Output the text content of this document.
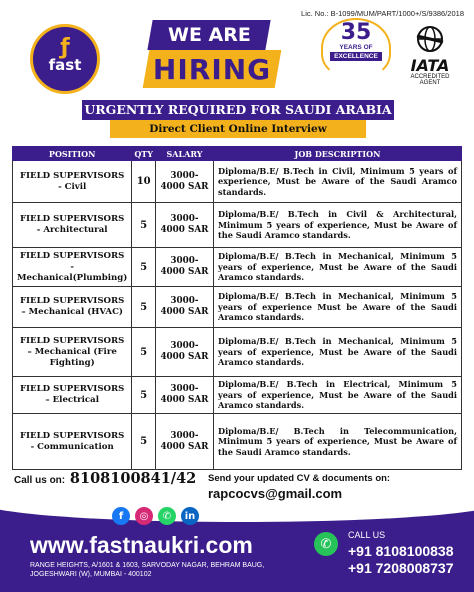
ƒ
fast
Lic. No.: B-1099/MUM/PART/1000+/S/9386/2018
WE ARE
HIRING
35
YEARS OF
EXCELLENCE	IATA
ACCREDITED AGENT
URGENTLY REQUIRED FOR SAUDI ARABIA
Direct Client Online Interview
POSITION	QTY	SALARY	JOB DESCRIPTION
FIELD SUPERVISORS - Civil	10	3000-4000 SAR	Diploma/B.E/ B.Tech in Civil, Minimum 5 years of experience, Must be Aware of the Saudi Aramco standards.
FIELD SUPERVISORS - Architectural	5	3000-4000 SAR	Diploma/B.E/ B.Tech in Civil & Architectural, Minimum 5 years of experience, Must be Aware of the Saudi Aramco standards.
FIELD SUPERVISORS - Mechanical(Plumbing)	5	3000-4000 SAR	Diploma/B.E/ B.Tech in Mechanical, Minimum 5 years of experience, Must be Aware of the Saudi Aramco standards.
FIELD SUPERVISORS – Mechanical (HVAC)	5	3000-4000 SAR	Diploma/B.E/ B.Tech in Mechanical, Minimum 5 years of experience Must be Aware of the Saudi Aramco standards.
FIELD SUPERVISORS – Mechanical (Fire Fighting)	5	3000-4000 SAR	Diploma/B.E/ B.Tech in Mechanical, Minimum 5 years of experience, Must be Aware of the Saudi Aramco standards.
FIELD SUPERVISORS – Electrical	5	3000-4000 SAR	Diploma/B.E/ B.Tech in Electrical, Minimum 5 years of experience, Must be Aware of the Saudi Aramco standards.
FIELD SUPERVISORS - Communication	5	3000-4000 SAR	Diploma/B.E/ B.Tech in Telecommunication, Minimum 5 years of experience, Must be Aware of the Saudi Aramco standards.
Call us on: 8108100841/42 Send your updated CV & documents on:
rapcocvs@gmail.com
f	◎	✆	in
www.fastnaukri.com
RANGE HEIGHTS, A/1601 & 1603, SARVODAY NAGAR, BEHRAM BAUG, JOGESHWARI (W), MUMBAI - 400102
✆
CALL US
+91 8108100838
+91 7208008737
